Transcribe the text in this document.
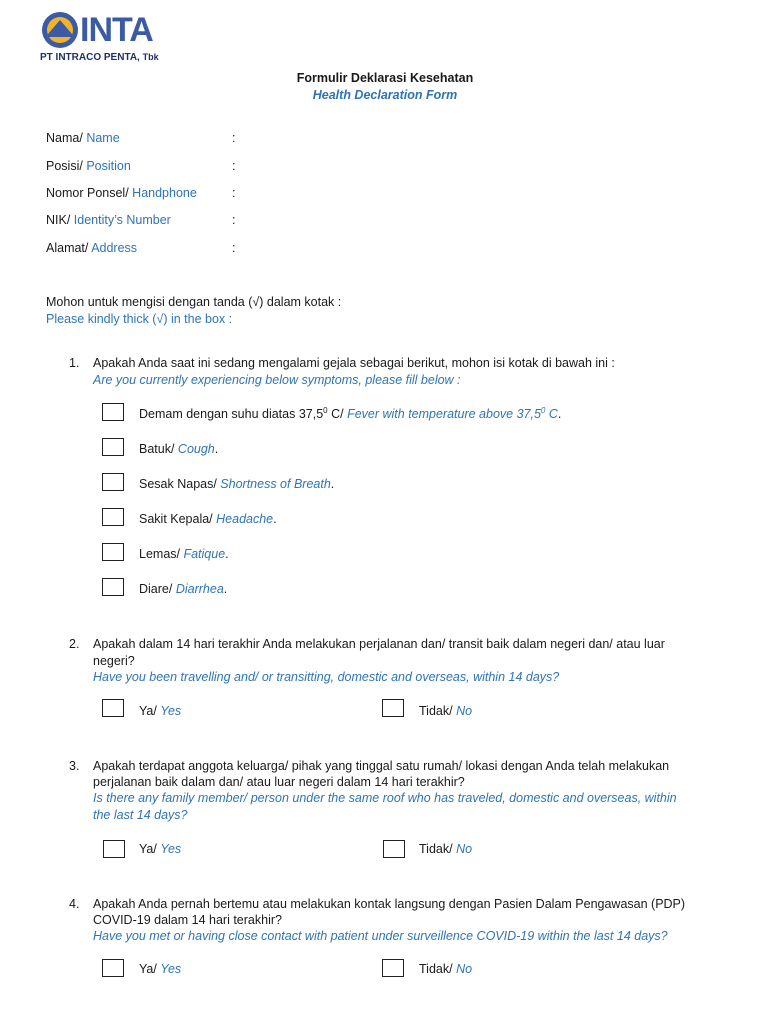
INTA
PT INTRACO PENTA, Tbk
Formulir Deklarasi Kesehatan
Health Declaration Form
Nama/ Name	:
Posisi/ Position	:
Nomor Ponsel/ Handphone	:
NIK/ Identity’s Number	:
Alamat/ Address	:
Mohon untuk mengisi dengan tanda (√) dalam kotak :
Please kindly thick (√) in the box :
1.	Apakah Anda saat ini sedang mengalami gejala sebagai berikut, mohon isi kotak di bawah ini :
Are you currently experiencing below symptoms, please fill below :
Demam dengan suhu diatas 37,5$^0$ C/ Fever with temperature above 37,5$^0$ C.
Batuk/ Cough.
Sesak Napas/ Shortness of Breath.
Sakit Kepala/ Headache.
Lemas/ Fatique.
Diare/ Diarrhea.
2.	Apakah dalam 14 hari terakhir Anda melakukan perjalanan dan/ transit baik dalam negeri dan/ atau luar
negeri?
Have you been travelling and/ or transitting, domestic and overseas, within 14 days?
Ya/ Yes	Tidak/ No
3.	Apakah terdapat anggota keluarga/ pihak yang tinggal satu rumah/ lokasi dengan Anda telah melakukan
perjalanan baik dalam dan/ atau luar negeri dalam 14 hari terakhir?
Is there any family member/ person under the same roof who has traveled, domestic and overseas, within
the last 14 days?
Ya/ Yes	Tidak/ No
4.	Apakah Anda pernah bertemu atau melakukan kontak langsung dengan Pasien Dalam Pengawasan (PDP)
COVID-19 dalam 14 hari terakhir?
Have you met or having close contact with patient under surveillence COVID-19 within the last 14 days?
Ya/ Yes	Tidak/ No
